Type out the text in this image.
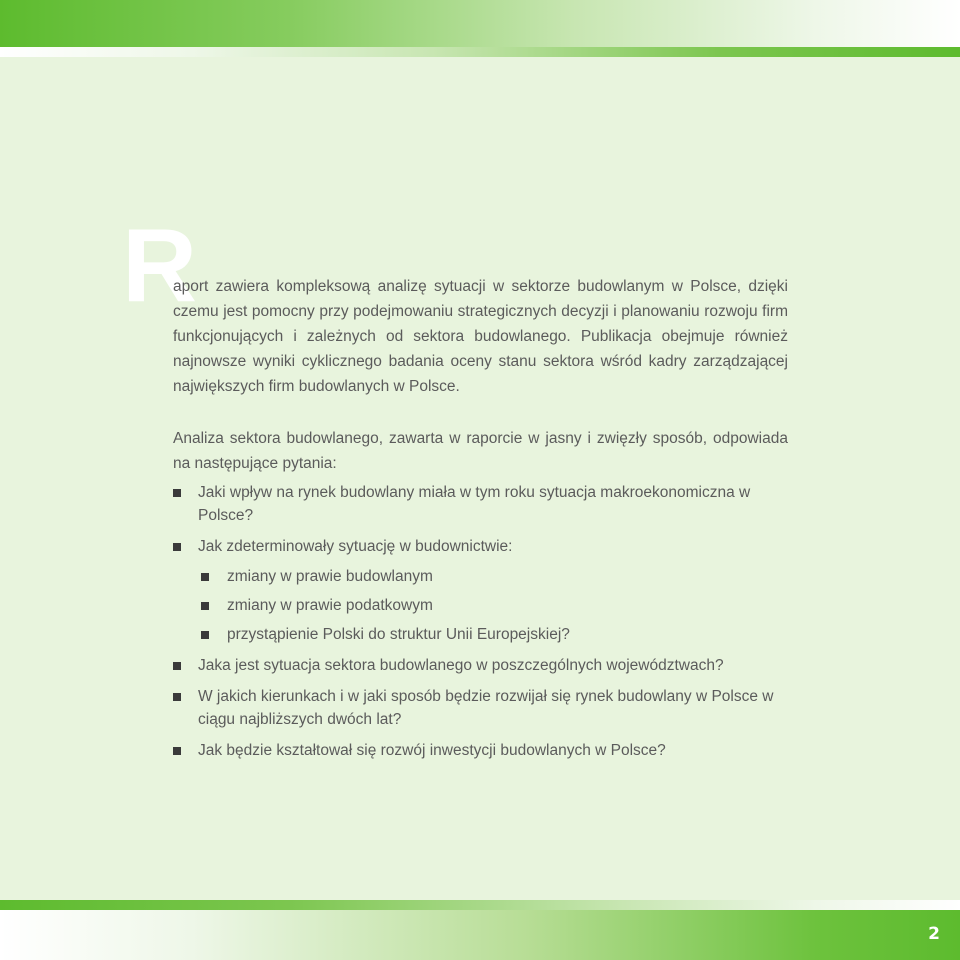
R

aport zawiera kompleksową analizę sytuacji w sektorze budowlanym w Polsce, dzięki czemu jest pomocny przy podejmowaniu strategicznych decyzji i planowaniu rozwoju firm funkcjonujących i zależnych od sektora budowlanego. Publikacja obejmuje również najnowsze wyniki cyklicznego badania oceny stanu sektora wśród kadry zarządzającej największych firm budowlanych w Polsce.

Analiza sektora budowlanego, zawarta w raporcie w jasny i zwięzły sposób, odpowiada na następujące pytania:

Jaki wpływ na rynek budowlany miała w tym roku sytuacja makroekonomiczna w Polsce?
Jak zdeterminowały sytuację w budownictwie:
zmiany w prawie budowlanym
zmiany w prawie podatkowym
przystąpienie Polski do struktur Unii Europejskiej?
Jaka jest sytuacja sektora budowlanego w poszczególnych województwach?
W jakich kierunkach i w jaki sposób będzie rozwijał się rynek budowlany w Polsce w ciągu najbliższych dwóch lat?
Jak będzie kształtował się rozwój inwestycji budowlanych w Polsce?
2
